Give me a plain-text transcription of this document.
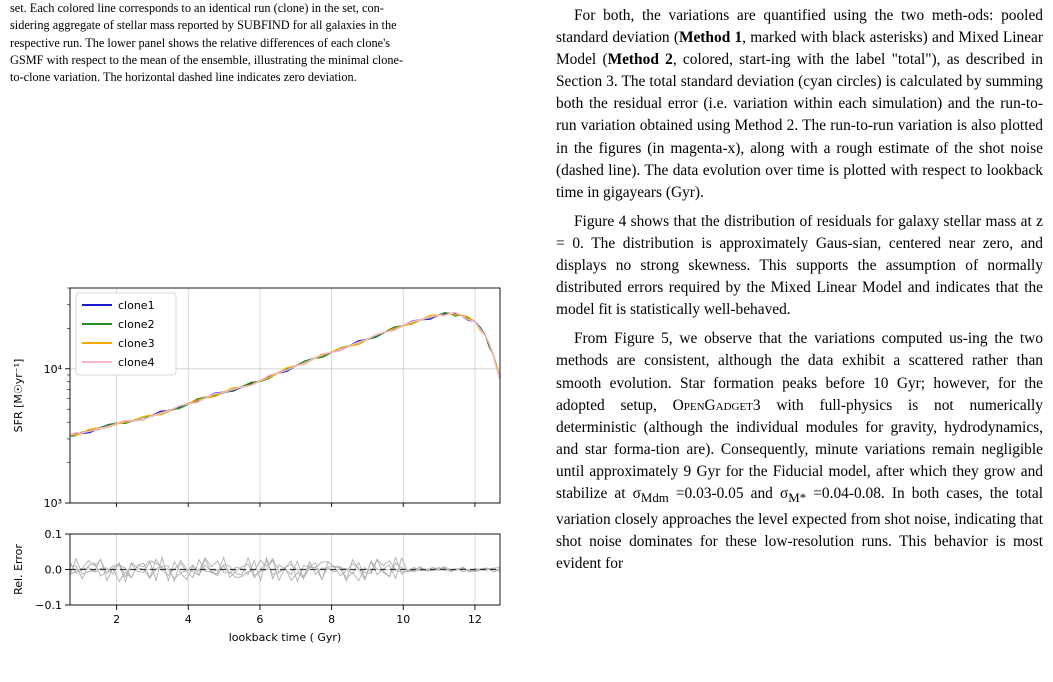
set. Each colored line corresponds to an identical run (clone) in the set, con-

sidering aggregate of stellar mass reported by SUBFIND for all galaxies in the

respective run. The lower panel shows the relative differences of each clone's

GSMF with respect to the mean of the ensemble, illustrating the minimal clone-

to-clone variation. The horizontal dashed line indicates zero deviation.

For both, the variations are quantified using the two meth-ods: pooled standard deviation (Method 1, marked with black asterisks) and Mixed Linear Model (Method 2, colored, start-ing with the label "total"), as described in Section 3. The total standard deviation (cyan circles) is calculated by summing both the residual error (i.e. variation within each simulation) and the run-to-run variation obtained using Method 2. The run-to-run variation is also plotted in the figures (in magenta-x), along with a rough estimate of the shot noise (dashed line). The data evolution over time is plotted with respect to lookback time in gigayears (Gyr).

Figure 4 shows that the distribution of residuals for galaxy stellar mass at z = 0. The distribution is approximately Gaus-sian, centered near zero, and displays no strong skewness. This supports the assumption of normally distributed errors required by the Mixed Linear Model and indicates that the model fit is statistically well-behaved.

From Figure 5, we observe that the variations computed us-ing the two methods are consistent, although the data exhibit a scattered rather than smooth evolution. Star formation peaks before 10 Gyr; however, for the adopted setup, OpenGadget3 with full-physics is not numerically deterministic (although the individual modules for gravity, hydrodynamics, and star forma-tion are). Consequently, minute variations remain negligible until approximately 9 Gyr for the Fiducial model, after which they grow and stabilize at $\sigma_{Mdm} =0.03-0.05$ and $\sigma_{M*} =0.04-0.08$. In both cases, the total variation closely approaches the level expected from shot noise, indicating that shot noise dominates for these low-resolution runs. This behavior is most evident for

10³
10⁴
SFR [M☉yr⁻¹]
clone1
clone2
clone3
clone4
−0.1
0.0
0.1
2	4	6	8	10	12
lookback time ( Gyr)
Rel. Error
